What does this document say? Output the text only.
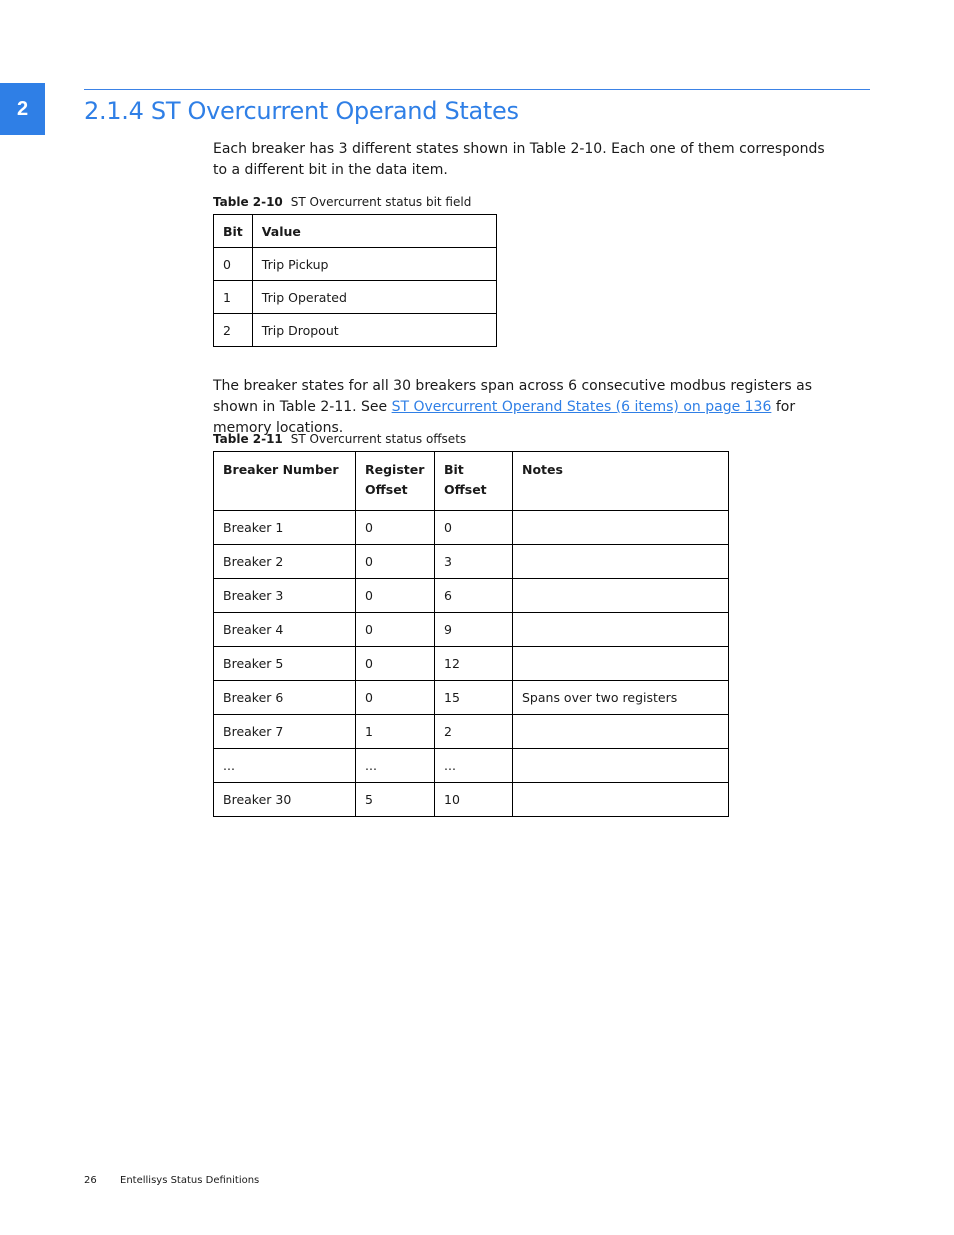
2	2.1.4 ST Overcurrent Operand States

Each breaker has 3 different states shown in Table 2-10. Each one of them corresponds to a different bit in the data item.

Table 2-10 ST Overcurrent status bit field
Bit	Value
0	Trip Pickup
1	Trip Operated
2	Trip Dropout

The breaker states for all 30 breakers span across 6 consecutive modbus registers as shown in Table 2-11. See ST Overcurrent Operand States (6 items) on page 136 for memory locations.

Table 2-11 ST Overcurrent status offsets
Breaker Number	Register Offset	Bit Offset	Notes
Breaker 1	0	0	
Breaker 2	0	3	
Breaker 3	0	6	
Breaker 4	0	9	
Breaker 5	0	12	
Breaker 6	0	15	Spans over two registers
Breaker 7	1	2	
...	...	...	
Breaker 30	5	10	
26 Entellisys Status Definitions
